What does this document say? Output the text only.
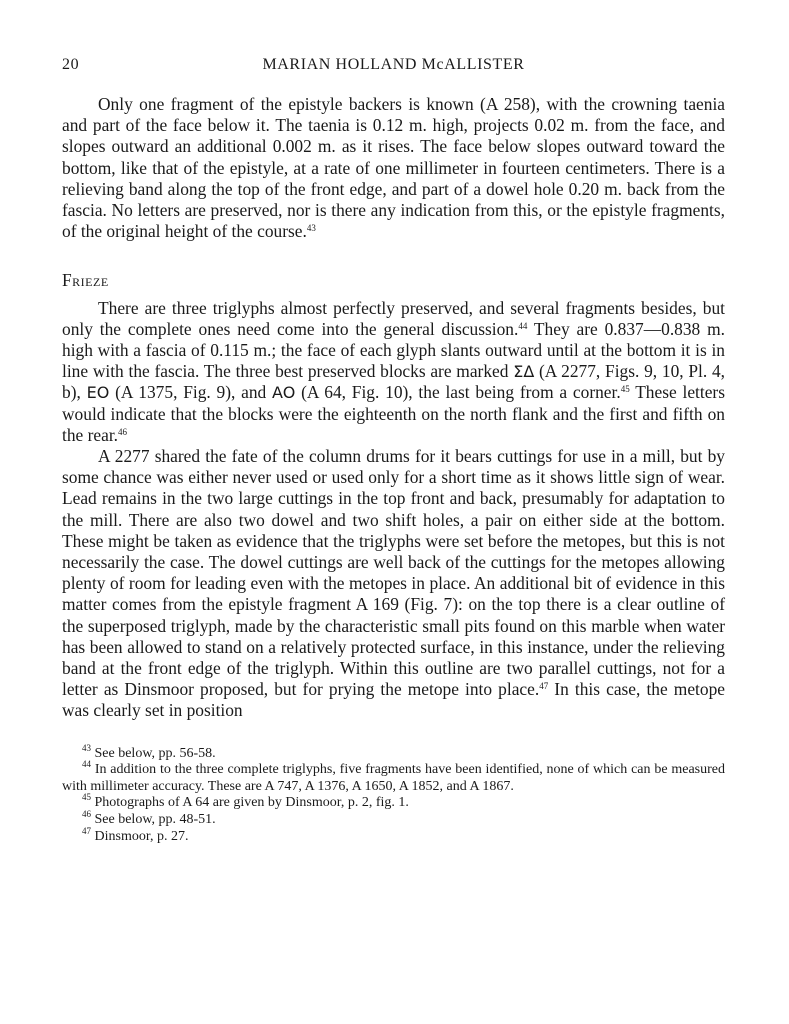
20	MARIAN HOLLAND McALLISTER

Only one fragment of the epistyle backers is known (A 258), with the crowning taenia and part of the face below it. The taenia is 0.12 m. high, projects 0.02 m. from the face, and slopes outward an additional 0.002 m. as it rises. The face below slopes outward toward the bottom, like that of the epistyle, at a rate of one millimeter in fourteen centimeters. There is a relieving band along the top of the front edge, and part of a dowel hole 0.20 m. back from the fascia. No letters are preserved, nor is there any indication from this, or the epistyle fragments, of the original height of the course.$^{43}$

Frieze

There are three triglyphs almost perfectly preserved, and several fragments besides, but only the complete ones need come into the general discussion.$^{44}$ They are 0.837—0.838 m. high with a fascia of 0.115 m.; the face of each glyph slants outward until at the bottom it is in line with the fascia. The three best preserved blocks are marked ΣΔ (A 2277, Figs. 9, 10, Pl. 4, b), EO (A 1375, Fig. 9), and AO (A 64, Fig. 10), the last being from a corner.$^{45}$ These letters would indicate that the blocks were the eighteenth on the north flank and the first and fifth on the rear.$^{46}$

A 2277 shared the fate of the column drums for it bears cuttings for use in a mill, but by some chance was either never used or used only for a short time as it shows little sign of wear. Lead remains in the two large cuttings in the top front and back, presumably for adaptation to the mill. There are also two dowel and two shift holes, a pair on either side at the bottom. These might be taken as evidence that the triglyphs were set before the metopes, but this is not necessarily the case. The dowel cuttings are well back of the cuttings for the metopes allowing plenty of room for leading even with the metopes in place. An additional bit of evidence in this matter comes from the epistyle fragment A 169 (Fig. 7): on the top there is a clear outline of the superposed triglyph, made by the characteristic small pits found on this marble when water has been allowed to stand on a relatively protected surface, in this instance, under the relieving band at the front edge of the triglyph. Within this outline are two parallel cuttings, not for a letter as Dinsmoor proposed, but for prying the metope into place.$^{47}$ In this case, the metope was clearly set in position

$^{43}$ See below, pp. 56-58.

$^{44}$ In addition to the three complete triglyphs, five fragments have been identified, none of which can be measured with millimeter accuracy. These are A 747, A 1376, A 1650, A 1852, and A 1867.

$^{45}$ Photographs of A 64 are given by Dinsmoor, p. 2, fig. 1.

$^{46}$ See below, pp. 48-51.

$^{47}$ Dinsmoor, p. 27.
